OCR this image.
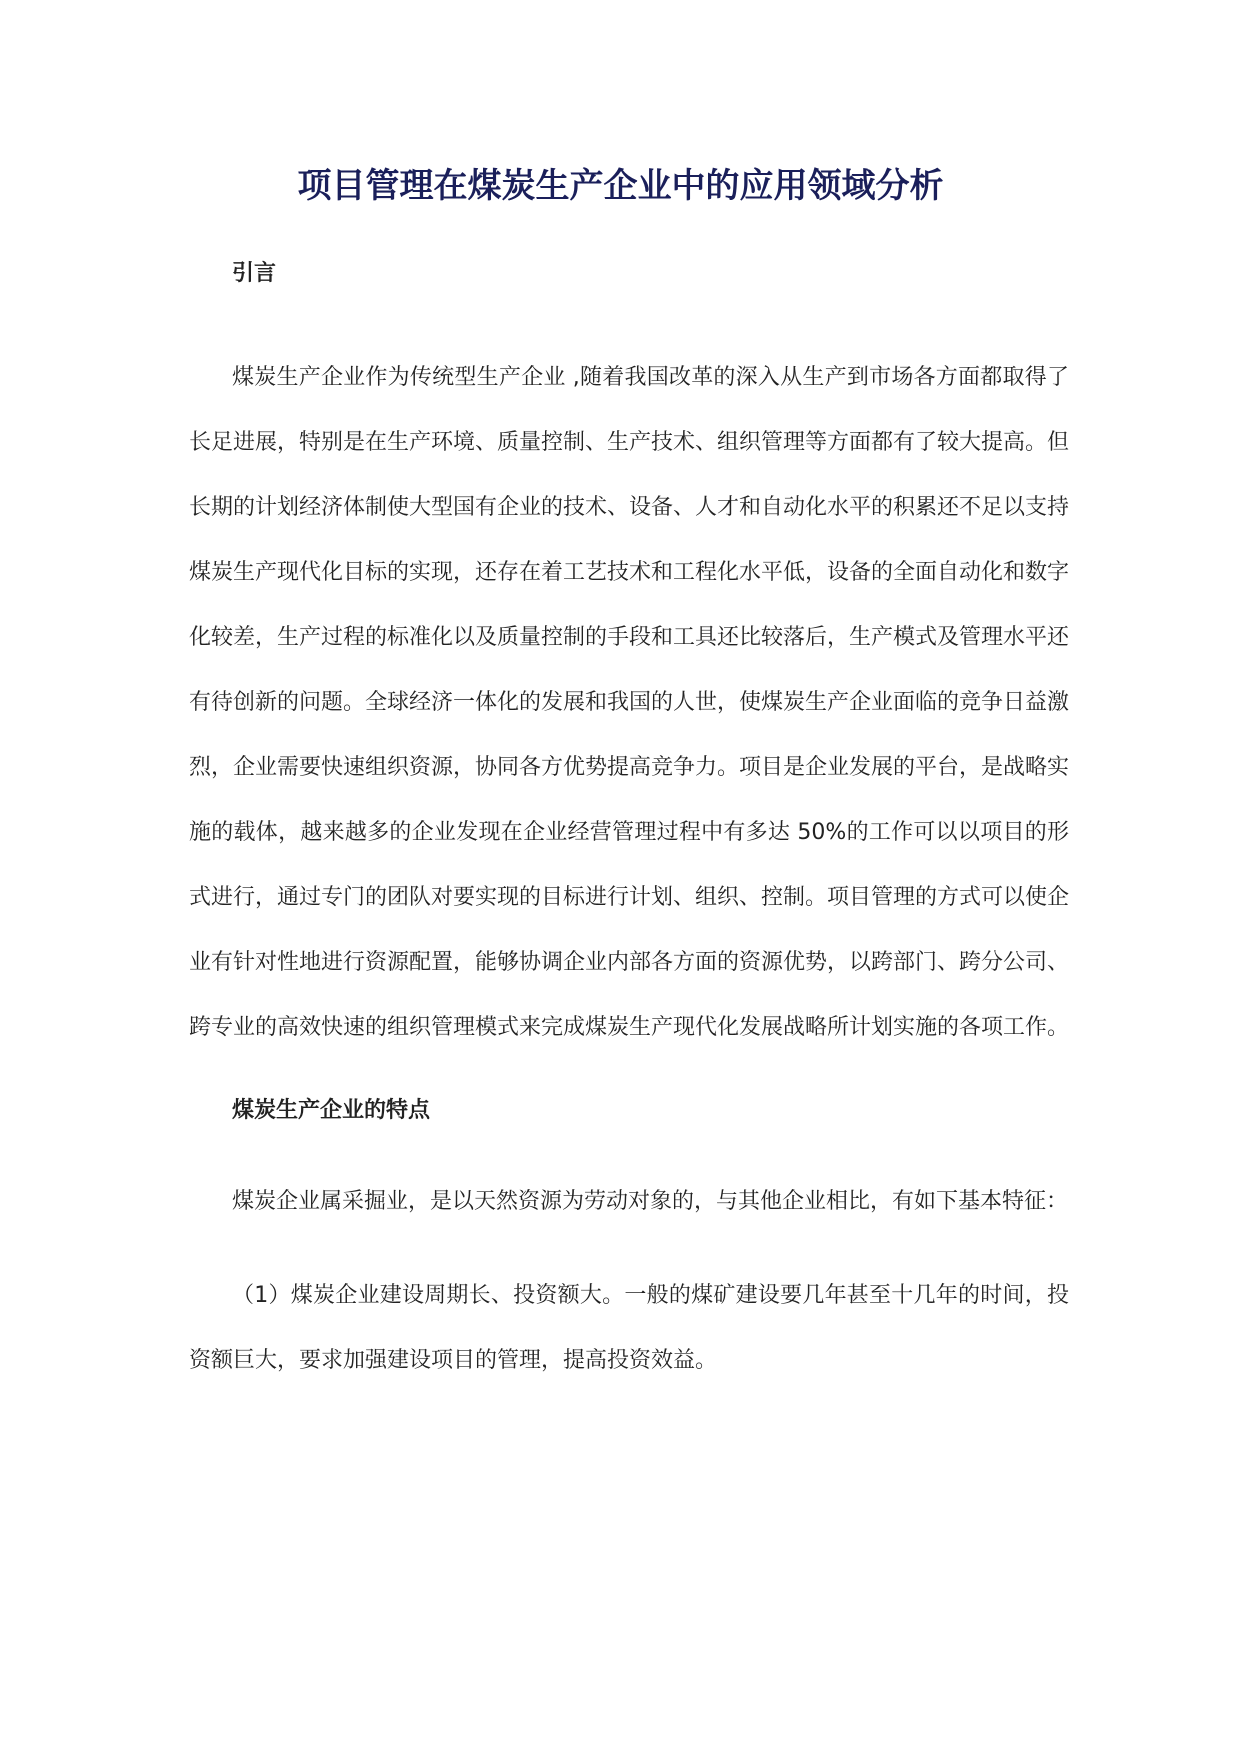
项目管理在煤炭生产企业中的应用领域分析
引言

煤炭生产企业作为传统型生产企业 ,随着我国改革的深入从生产到市场各方面都取得了长足进展，特别是在生产环境、质量控制、生产技术、组织管理等方面都有了较大提高。但长期的计划经济体制使大型国有企业的技术、设备、人才和自动化水平的积累还不足以支持煤炭生产现代化目标的实现，还存在着工艺技术和工程化水平低，设备的全面自动化和数字化较差，生产过程的标准化以及质量控制的手段和工具还比较落后，生产模式及管理水平还有待创新的问题。全球经济一体化的发展和我国的人世，使煤炭生产企业面临的竞争日益激烈，企业需要快速组织资源，协同各方优势提高竞争力。项目是企业发展的平台，是战略实施的载体，越来越多的企业发现在企业经营管理过程中有多达 50%的工作可以以项目的形式进行，通过专门的团队对要实现的目标进行计划、组织、控制。项目管理的方式可以使企业有针对性地进行资源配置，能够协调企业内部各方面的资源优势，以跨部门、跨分公司、跨专业的高效快速的组织管理模式来完成煤炭生产现代化发展战略所计划实施的各项工作。

煤炭生产企业的特点

煤炭企业属采掘业，是以天然资源为劳动对象的，与其他企业相比，有如下基本特征：

（1）煤炭企业建设周期长、投资额大。一般的煤矿建设要几年甚至十几年的时间，投资额巨大，要求加强建设项目的管理，提高投资效益。
